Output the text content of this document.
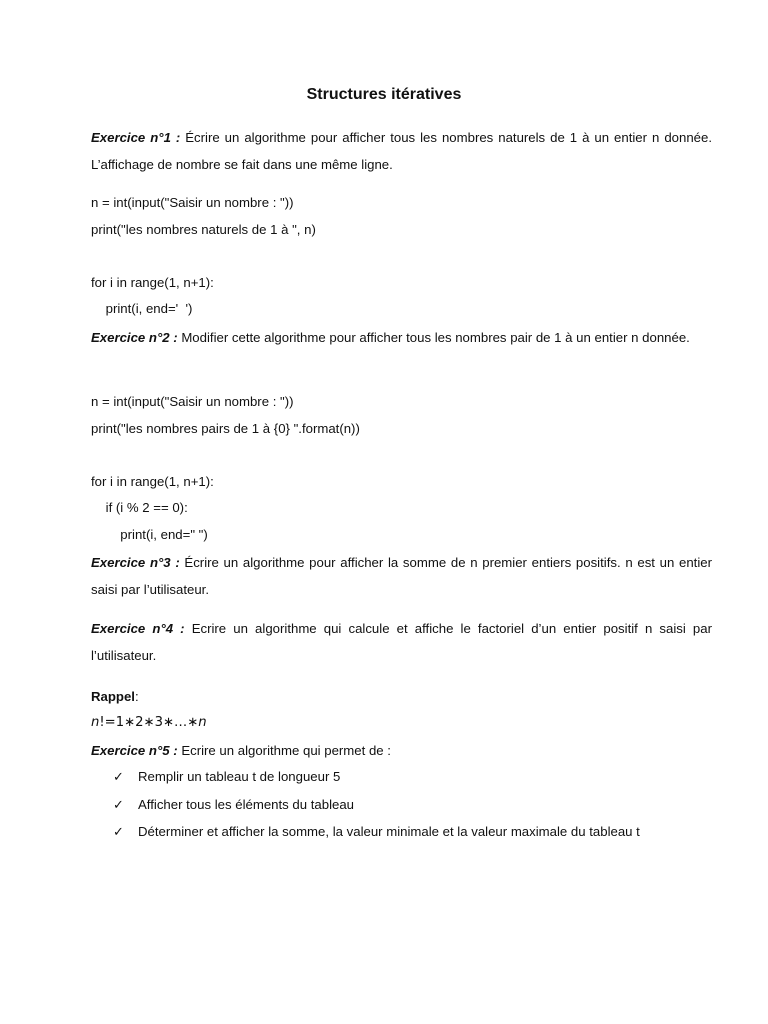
Structures itératives
Exercice n°1 : Écrire un algorithme pour afficher tous les nombres naturels de 1 à un entier n donnée. L’affichage de nombre se fait dans une même ligne.
n = int(input("Saisir un nombre : "))
print("les nombres naturels de 1 à ", n)

for i in range(1, n+1):
print(i, end='  ')
Exercice n°2 : Modifier cette algorithme pour afficher tous les nombres pair de 1 à un entier n donnée.
n = int(input("Saisir un nombre : "))
print("les nombres pairs de 1 à {0} ".format(n))

for i in range(1, n+1):
if (i % 2 == 0):
print(i, end=" ")
Exercice n°3 : Écrire un algorithme pour afficher la somme de n premier entiers positifs. n est un entier saisi par l’utilisateur.
Exercice n°4 : Ecrire un algorithme qui calcule et affiche le factoriel d’un entier positif n saisi par l’utilisateur.
Rappel:
n!=1∗2∗3∗…∗n
Exercice n°5 : Ecrire un algorithme qui permet de :
✓	Remplir un tableau t de longueur 5
✓	Afficher tous les éléments du tableau
✓	Déterminer et afficher la somme, la valeur minimale et la valeur maximale du tableau t
